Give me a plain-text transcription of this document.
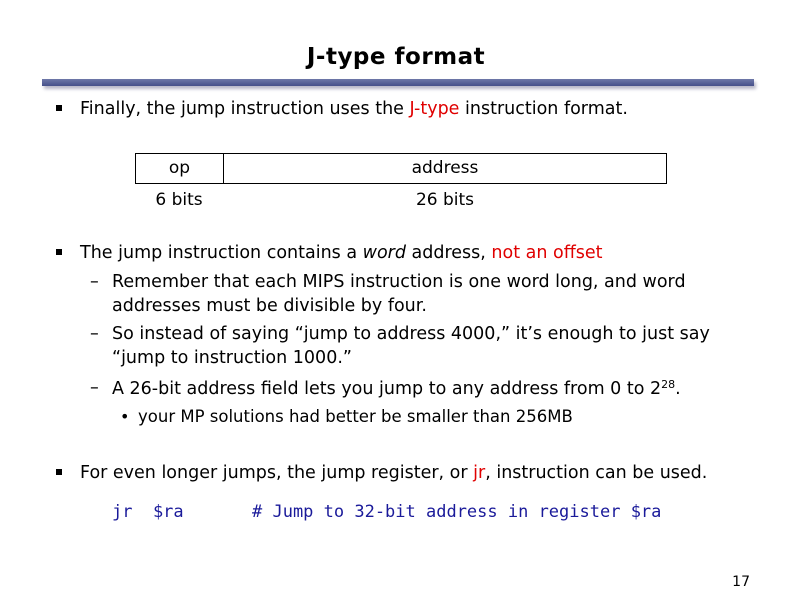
J-type format
Finally, the jump instruction uses the J-type instruction format.
op	address
6 bits	26 bits
The jump instruction contains a word address, not an offset
– Remember that each MIPS instruction is one word long, and word
addresses must be divisible by four.
– So instead of saying “jump to address 4000,” it’s enough to just say
“jump to instruction 1000.”
– A 26-bit address field lets you jump to any address from 0 to $2^{28}$.
• your MP solutions had better be smaller than 256MB
For even longer jumps, the jump register, or jr, instruction can be used.
jr  $ra	# Jump to 32-bit address in register $ra
17
